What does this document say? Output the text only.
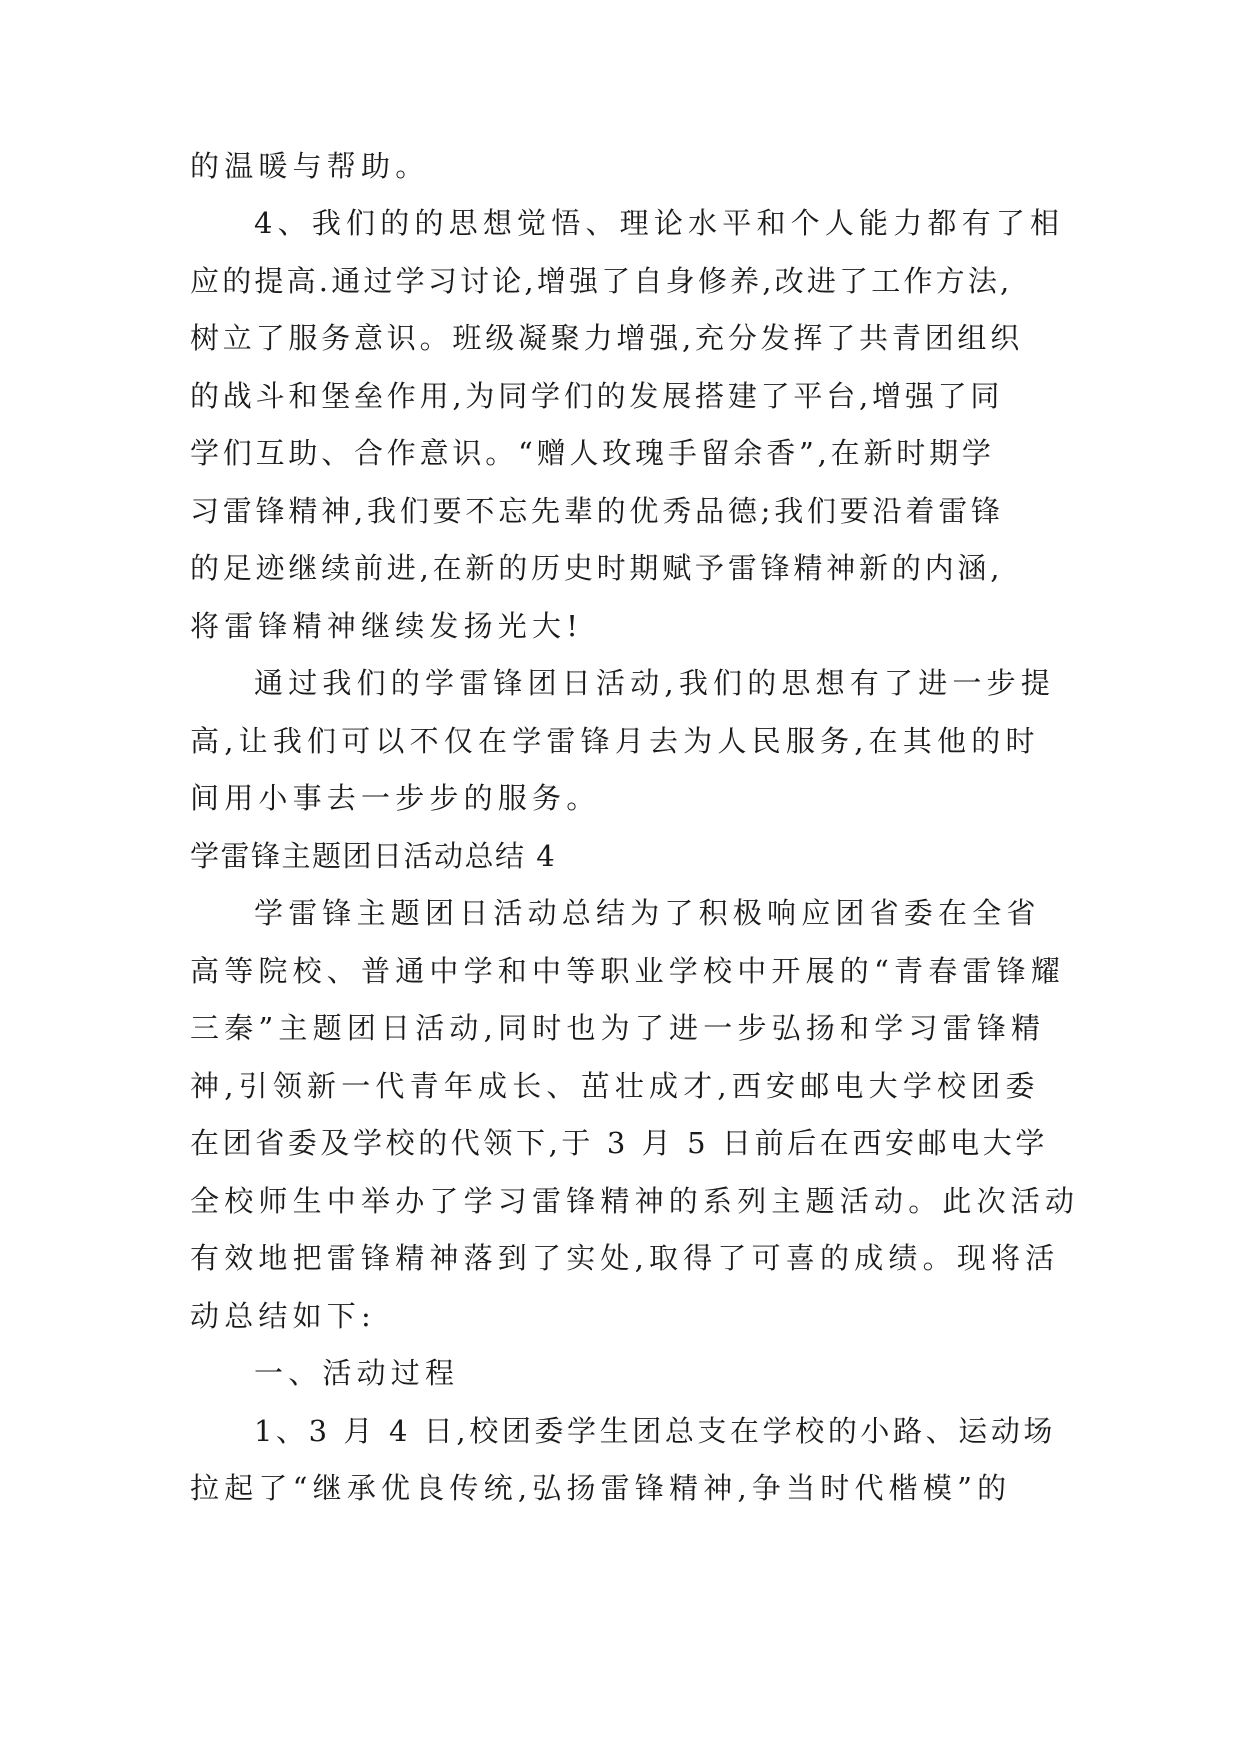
的温暖与帮助。
4、我们的的思想觉悟、理论水平和个人能力都有了相
应的提高.通过学习讨论,增强了自身修养,改进了工作方法,
树立了服务意识。班级凝聚力增强,充分发挥了共青团组织
的战斗和堡垒作用,为同学们的发展搭建了平台,增强了同
学们互助、合作意识。“赠人玫瑰手留余香”,在新时期学
习雷锋精神,我们要不忘先辈的优秀品德;我们要沿着雷锋
的足迹继续前进,在新的历史时期赋予雷锋精神新的内涵,
将雷锋精神继续发扬光大!
通过我们的学雷锋团日活动,我们的思想有了进一步提
高,让我们可以不仅在学雷锋月去为人民服务,在其他的时
间用小事去一步步的服务。
学雷锋主题团日活动总结 4
学雷锋主题团日活动总结为了积极响应团省委在全省
高等院校、普通中学和中等职业学校中开展的“青春雷锋耀
三秦”主题团日活动,同时也为了进一步弘扬和学习雷锋精
神,引领新一代青年成长、茁壮成才,西安邮电大学校团委
在团省委及学校的代领下,于 3 月 5 日前后在西安邮电大学
全校师生中举办了学习雷锋精神的系列主题活动。此次活动
有效地把雷锋精神落到了实处,取得了可喜的成绩。现将活
动总结如下:
一、活动过程
1、3 月 4 日,校团委学生团总支在学校的小路、运动场
拉起了“继承优良传统,弘扬雷锋精神,争当时代楷模”的
